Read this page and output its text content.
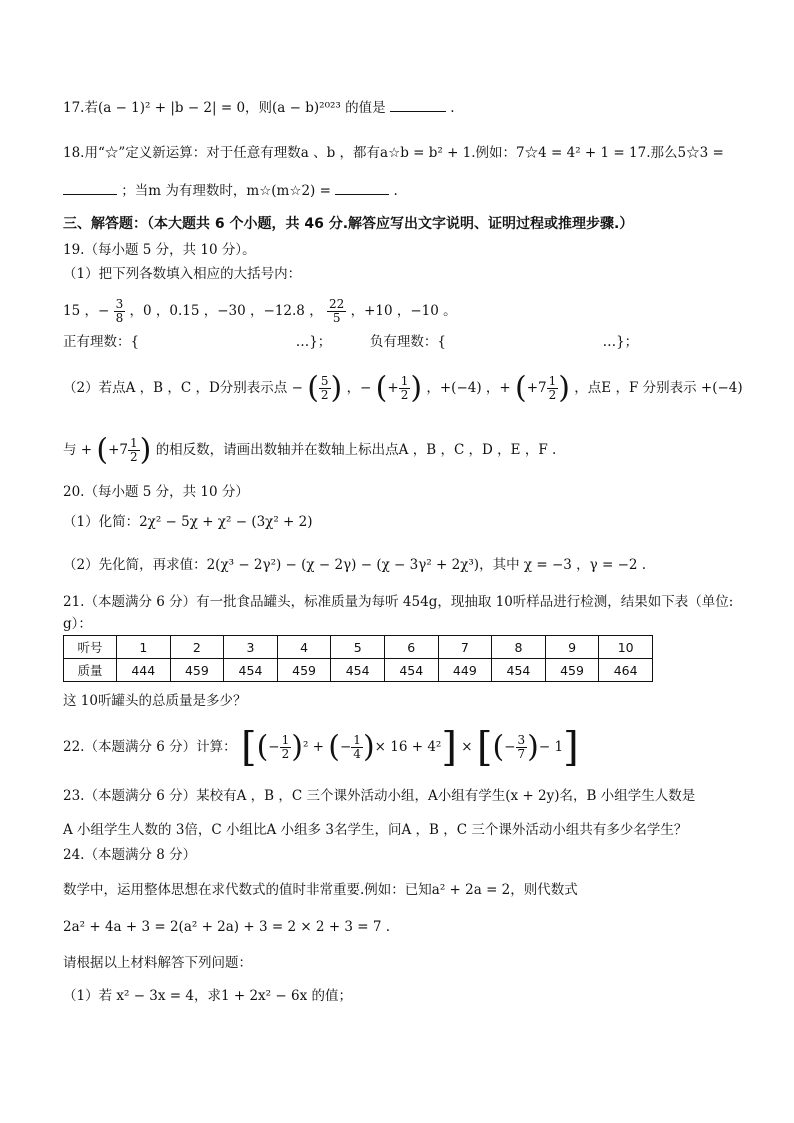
17.若(a − 1)² + |b − 2| = 0，则(a − b)²⁰²³ 的值是	.
18.用“☆”定义新运算：对于任意有理数a 、b ，都有a☆b = b² + 1.例如：7☆4 = 4² + 1 = 17.那么5☆3 =
；当m 为有理数时，m☆(m☆2) =	.
三、解答题：（本大题共 6 个小题，共 46 分.解答应写出文字说明、证明过程或推理步骤.）
19.（每小题 5 分，共 10 分）。
（1）把下列各数填入相应的大括号内：
15 ，− $\frac{3}{8}$ ，0 ，0.15 ，−30 ，−12.8 ， $\frac{22}{5}$ ，+10 ，−10 。
正有理数：{	…}；	负有理数：{	…}；
（2）若点A ，B ，C ，D分别表示点 − ( $\frac{5}{2}$ ) ，− (+ $\frac{1}{2}$ ) ，+(−4) ，+ ($+7 \frac{1}{2}$ ) ，点E ，F 分别表示 +(−4)
与 + ($+7 \frac{1}{2}$ ) 的相反数，请画出数轴并在数轴上标出点A ，B ，C ，D ，E ，F .
20.（每小题 5 分，共 10 分）
（1）化简：2χ² − 5χ + χ² − (3χ² + 2)
（2）先化简，再求值：2(χ³ − 2γ²) − (χ − 2γ) − (χ − 3γ² + 2χ³)，其中 χ = −3 ，γ = −2 .
21.（本题满分 6 分）有一批食品罐头，标准质量为每听 454g，现抽取 10听样品进行检测，结果如下表（单位:
g）：
听号	1	2	3	4	5	6	7	8	9	10
质量	444	459	454	459	454	454	449	454	459	464
这 10听罐头的总质量是多少？
22.（本题满分 6 分）计算： [(− $\frac{1}{2} )^2$ + (− $\frac{1}{4}$ )× 16 + 4²] × [(− $\frac{3}{7}$ )− 1]
23.（本题满分 6 分）某校有A ，B ，C 三个课外活动小组，A小组有学生(x + 2y)名，B 小组学生人数是
A 小组学生人数的 3倍，C 小组比A 小组多 3名学生，问A ，B ，C 三个课外活动小组共有多少名学生？
24.（本题满分 8 分）
数学中，运用整体思想在求代数式的值时非常重要.例如：已知a² + 2a = 2，则代数式
2a² + 4a + 3 = 2(a² + 2a) + 3 = 2 × 2 + 3 = 7 .
请根据以上材料解答下列问题：
（1）若 x² − 3x = 4，求1 + 2x² − 6x 的值；
